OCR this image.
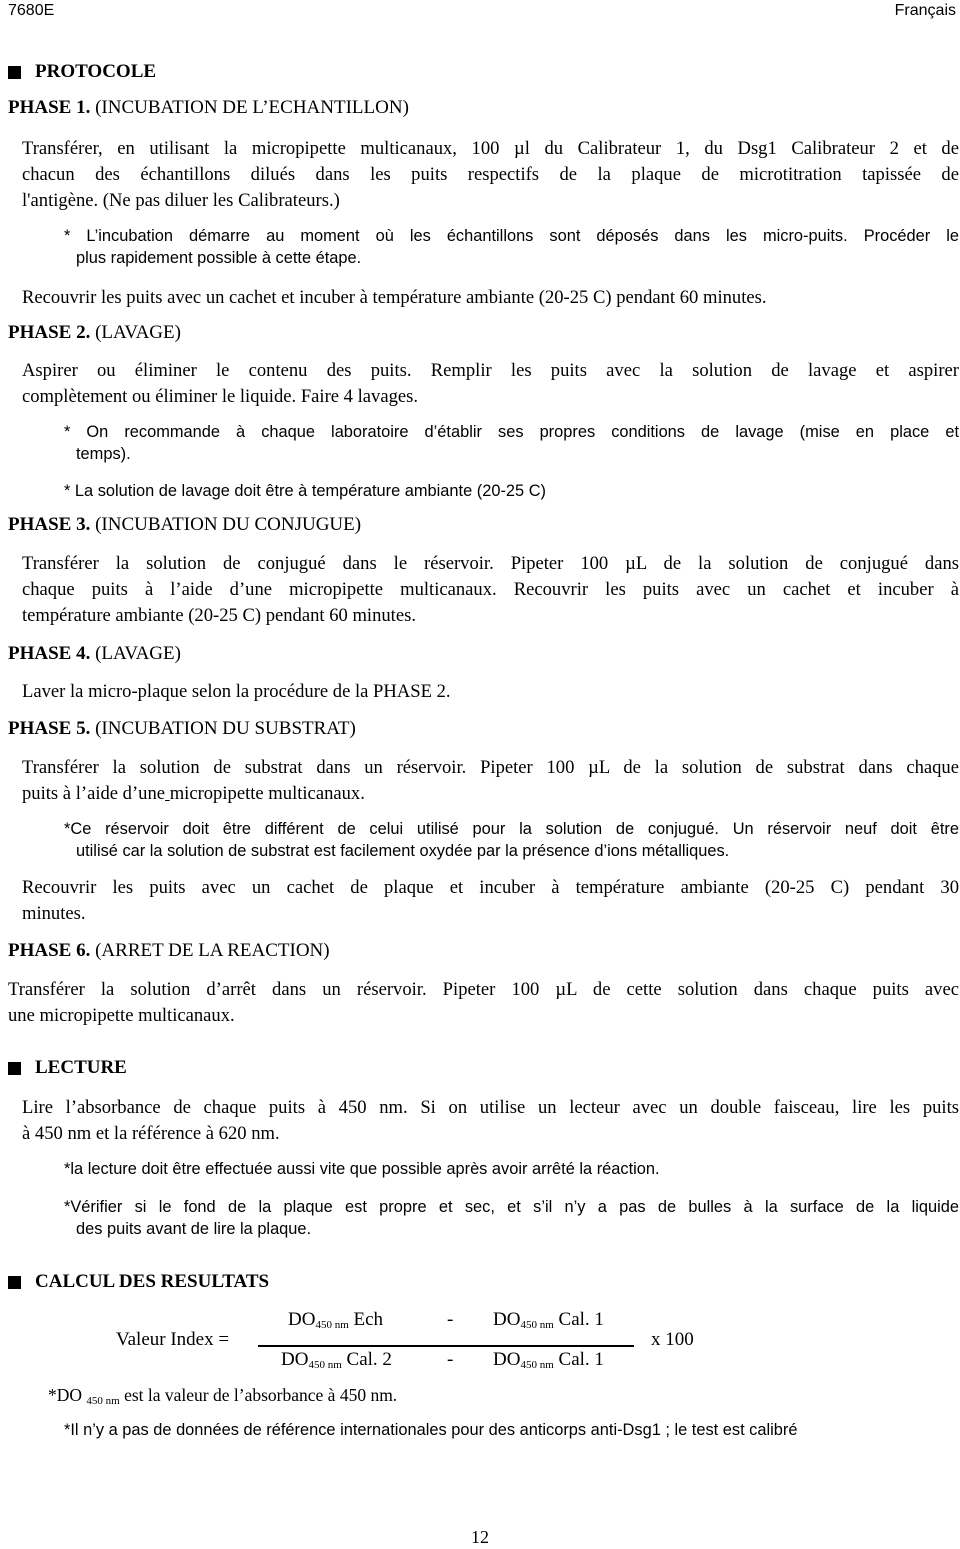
7680E	Français
PROTOCOLE
PHASE 1. (INCUBATION DE L’ECHANTILLON)
Transférer, en utilisant la micropipette multicanaux, 100 µl du Calibrateur 1, du Dsg1 Calibrateur 2 et de
chacun des échantillons dilués dans les puits respectifs de la plaque de microtitration tapissée de
l'antigène. (Ne pas diluer les Calibrateurs.)
* L’incubation démarre au moment où les échantillons sont déposés dans les micro-puits. Procéder le
plus rapidement possible à cette étape.
Recouvrir les puits avec un cachet et incuber à température ambiante (20-25 C) pendant 60 minutes.
PHASE 2. (LAVAGE)
Aspirer ou éliminer le contenu des puits. Remplir les puits avec la solution de lavage et aspirer
complètement ou éliminer le liquide. Faire 4 lavages.
* On recommande à chaque laboratoire d’établir ses propres conditions de lavage (mise en place et
temps).
* La solution de lavage doit être à température ambiante (20-25 C)
PHASE 3. (INCUBATION DU CONJUGUE)
Transférer la solution de conjugué dans le réservoir. Pipeter 100 µL de la solution de conjugué dans
chaque puits à l’aide d’une micropipette multicanaux. Recouvrir les puits avec un cachet et incuber à
température ambiante (20-25 C) pendant 60 minutes.
PHASE 4. (LAVAGE)
Laver la micro-plaque selon la procédure de la PHASE 2.
PHASE 5. (INCUBATION DU SUBSTRAT)
Transférer la solution de substrat dans un réservoir. Pipeter 100 µL de la solution de substrat dans chaque
puits à l’aide d’une micropipette multicanaux.
*Ce réservoir doit être différent de celui utilisé pour la solution de conjugué. Un réservoir neuf doit être
utilisé car la solution de substrat est facilement oxydée par la présence d’ions métalliques.
Recouvrir les puits avec un cachet de plaque et incuber à température ambiante (20-25 C) pendant 30
minutes.
PHASE 6. (ARRET DE LA REACTION)
Transférer la solution d’arrêt dans un réservoir. Pipeter 100 µL de cette solution dans chaque puits avec
une micropipette multicanaux.
LECTURE
Lire l’absorbance de chaque puits à 450 nm. Si on utilise un lecteur avec un double faisceau, lire les puits
à 450 nm et la référence à 620 nm.
*la lecture doit être effectuée aussi vite que possible après avoir arrêté la réaction.
*Vérifier si le fond de la plaque est propre et sec, et s’il n’y a pas de bulles à la surface de la liquide
des puits avant de lire la plaque.
CALCUL DES RESULTATS
Valeur Index =
$DO_{450 nm}$ Ech	- $DO_{450 nm}$ Cal. 1
$DO_{450 nm}$ Cal. 2	- $DO_{450 nm}$ Cal. 1
x 100
*DO $_{450 nm}$ est la valeur de l’absorbance à 450 nm.
*Il n’y a pas de données de référence internationales pour des anticorps anti-Dsg1 ; le test est calibré
12
